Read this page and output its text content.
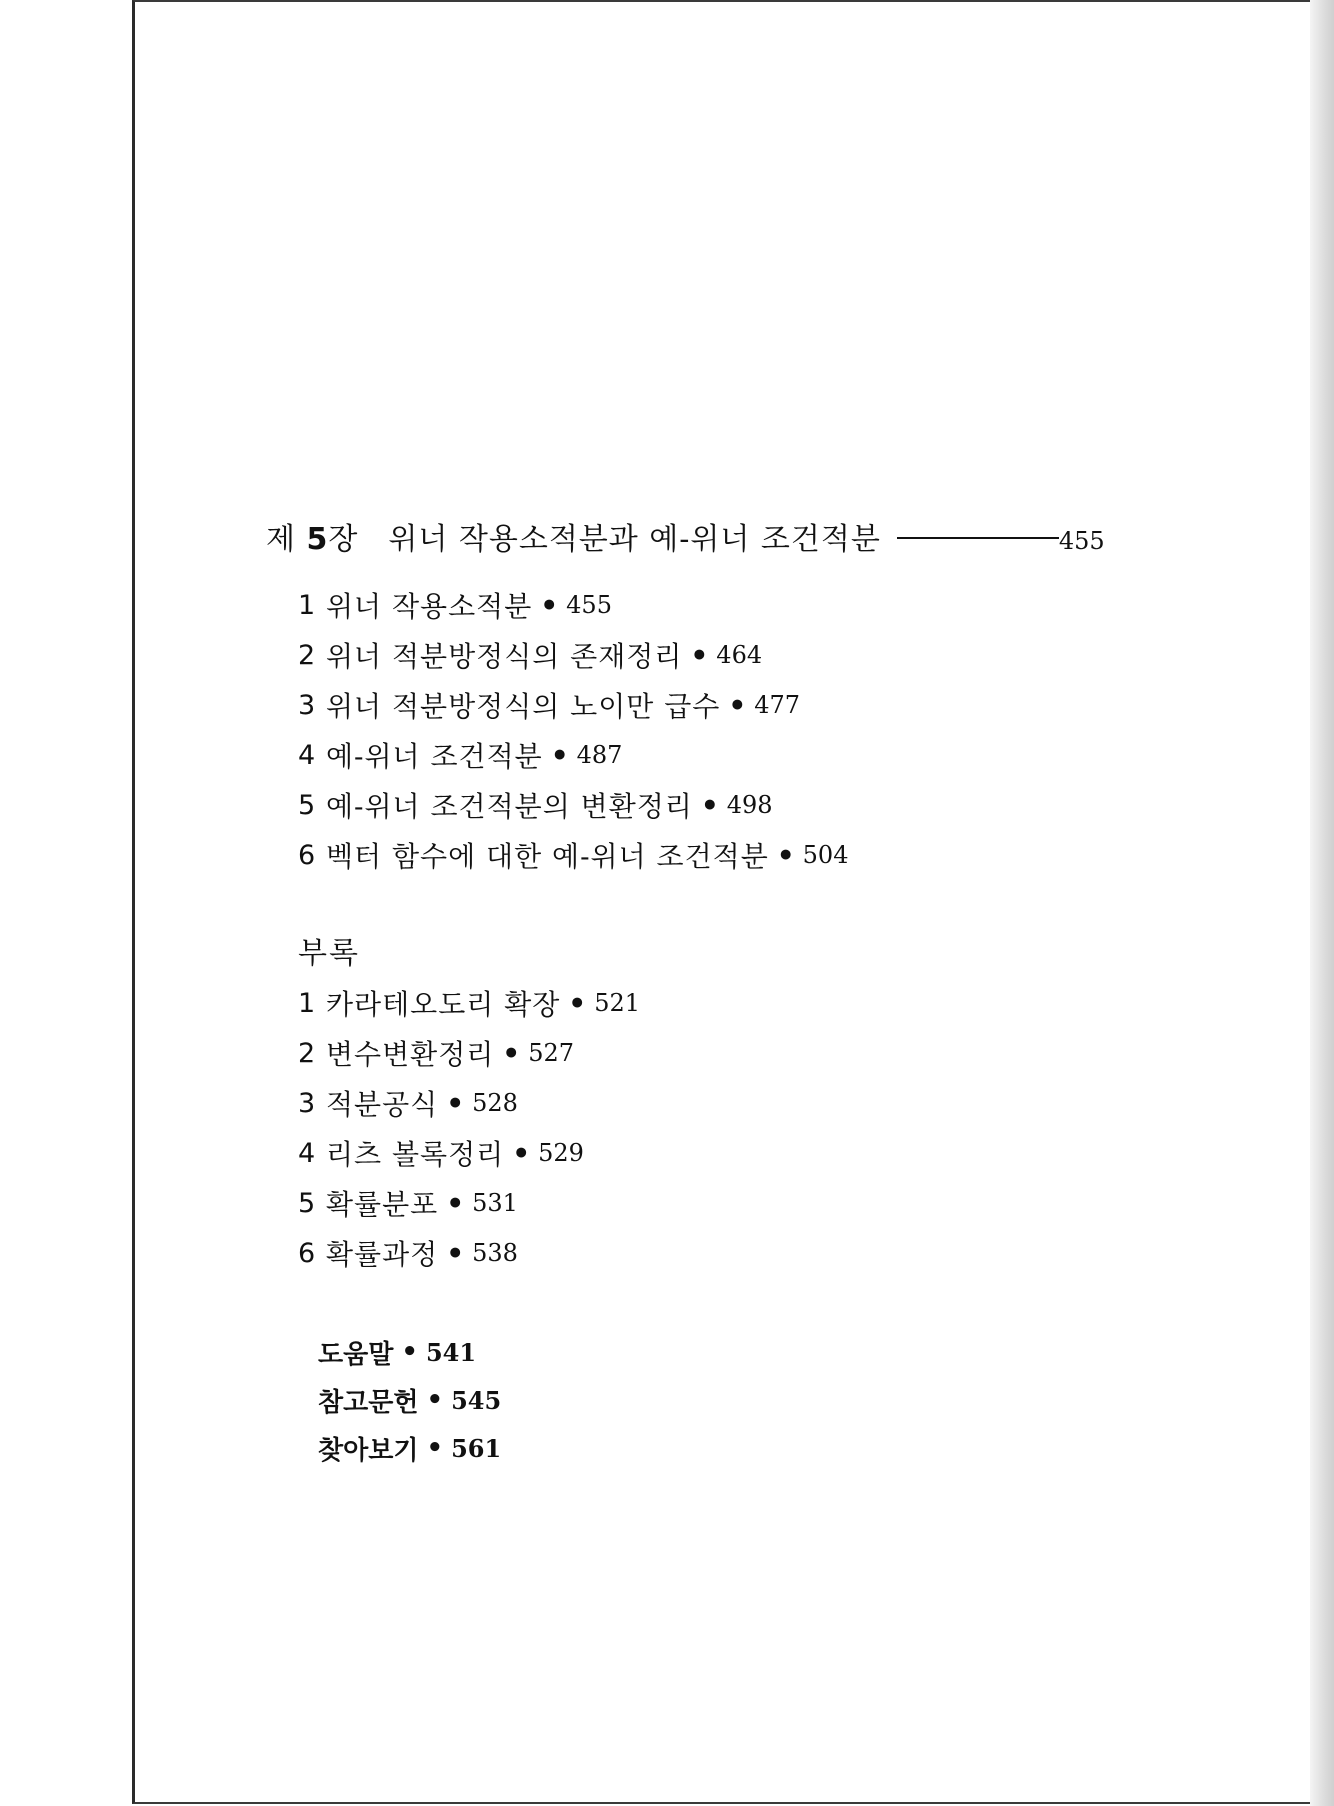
제 5장 위너 작용소적분과 예-위너 조건적분	455
1 위너 작용소적분 • 455
2 위너 적분방정식의 존재정리 • 464
3 위너 적분방정식의 노이만 급수 • 477
4 예-위너 조건적분 • 487
5 예-위너 조건적분의 변환정리 • 498
6 벡터 함수에 대한 예-위너 조건적분 • 504
부록
1 카라테오도리 확장 • 521
2 변수변환정리 • 527
3 적분공식 • 528
4 리츠 볼록정리 • 529
5 확률분포 • 531
6 확률과정 • 538
도움말 • 541
참고문헌 • 545
찾아보기 • 561
